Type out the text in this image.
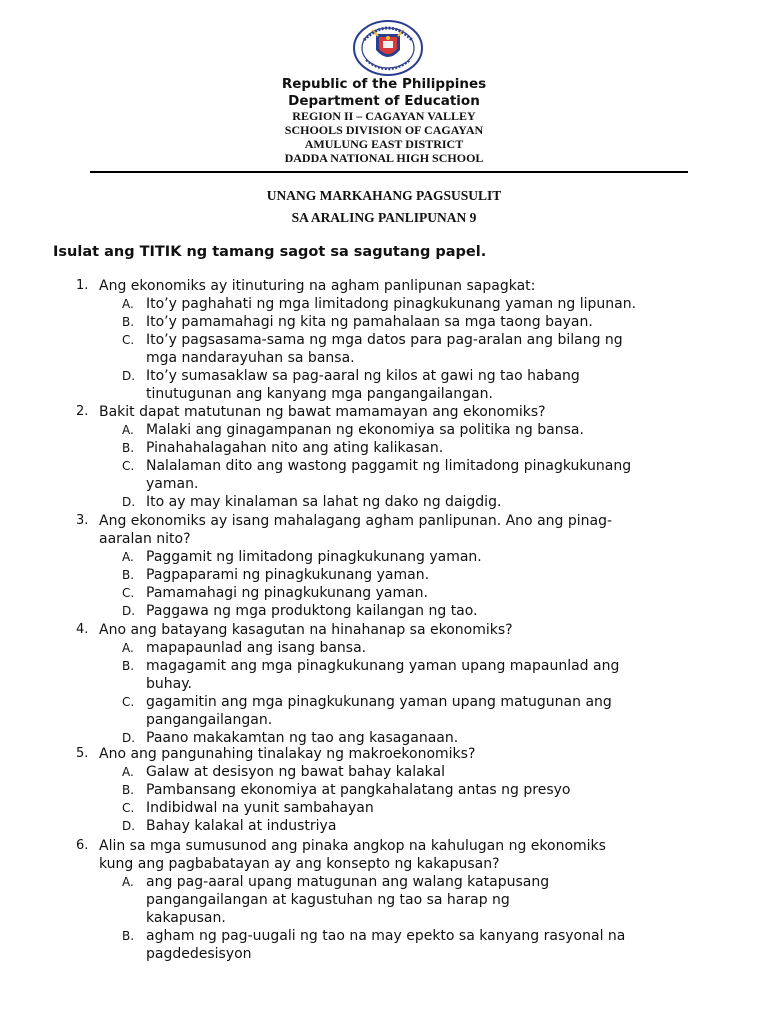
Republic of the Philippines
Department of Education
REGION II – CAGAYAN VALLEY
SCHOOLS DIVISION OF CAGAYAN
AMULUNG EAST DISTRICT
DADDA NATIONAL HIGH SCHOOL
UNANG MARKAHANG PAGSUSULIT
SA ARALING PANLIPUNAN 9
Isulat ang TITIK ng tamang sagot sa sagutang papel.
1. Ang ekonomiks ay itinuturing na agham panlipunan sapagkat:
A. Ito’y paghahati ng mga limitadong pinagkukunang yaman ng lipunan.
B. Ito’y pamamahagi ng kita ng pamahalaan sa mga taong bayan.
C. Ito’y pagsasama-sama ng mga datos para pag-aralan ang bilang ng
mga nandarayuhan sa bansa.
D. Ito’y sumasaklaw sa pag-aaral ng kilos at gawi ng tao habang
tinutugunan ang kanyang mga pangangailangan.
2. Bakit dapat matutunan ng bawat mamamayan ang ekonomiks?
A. Malaki ang ginagampanan ng ekonomiya sa politika ng bansa.
B. Pinahahalagahan nito ang ating kalikasan.
C. Nalalaman dito ang wastong paggamit ng limitadong pinagkukunang
yaman.
D. Ito ay may kinalaman sa lahat ng dako ng daigdig.
3. Ang ekonomiks ay isang mahalagang agham panlipunan. Ano ang pinag-
aaralan nito?
A. Paggamit ng limitadong pinagkukunang yaman.
B. Pagpaparami ng pinagkukunang yaman.
C. Pamamahagi ng pinagkukunang yaman.
D. Paggawa ng mga produktong kailangan ng tao.
4. Ano ang batayang kasagutan na hinahanap sa ekonomiks?
A. mapapaunlad ang isang bansa.
B. magagamit ang mga pinagkukunang yaman upang mapaunlad ang
buhay.
C. gagamitin ang mga pinagkukunang yaman upang matugunan ang
pangangailangan.
D. Paano makakamtan ng tao ang kasaganaan.
5. Ano ang pangunahing tinalakay ng makroekonomiks?
A. Galaw at desisyon ng bawat bahay kalakal
B. Pambansang ekonomiya at pangkahalatang antas ng presyo
C. Indibidwal na yunit sambahayan
D. Bahay kalakal at industriya
6. Alin sa mga sumusunod ang pinaka angkop na kahulugan ng ekonomiks
kung ang pagbabatayan ay ang konsepto ng kakapusan?
A. ang pag-aaral upang matugunan ang walang katapusang
pangangailangan at kagustuhan ng tao sa harap ng
kakapusan.
B. agham ng pag-uugali ng tao na may epekto sa kanyang rasyonal na
pagdedesisyon
